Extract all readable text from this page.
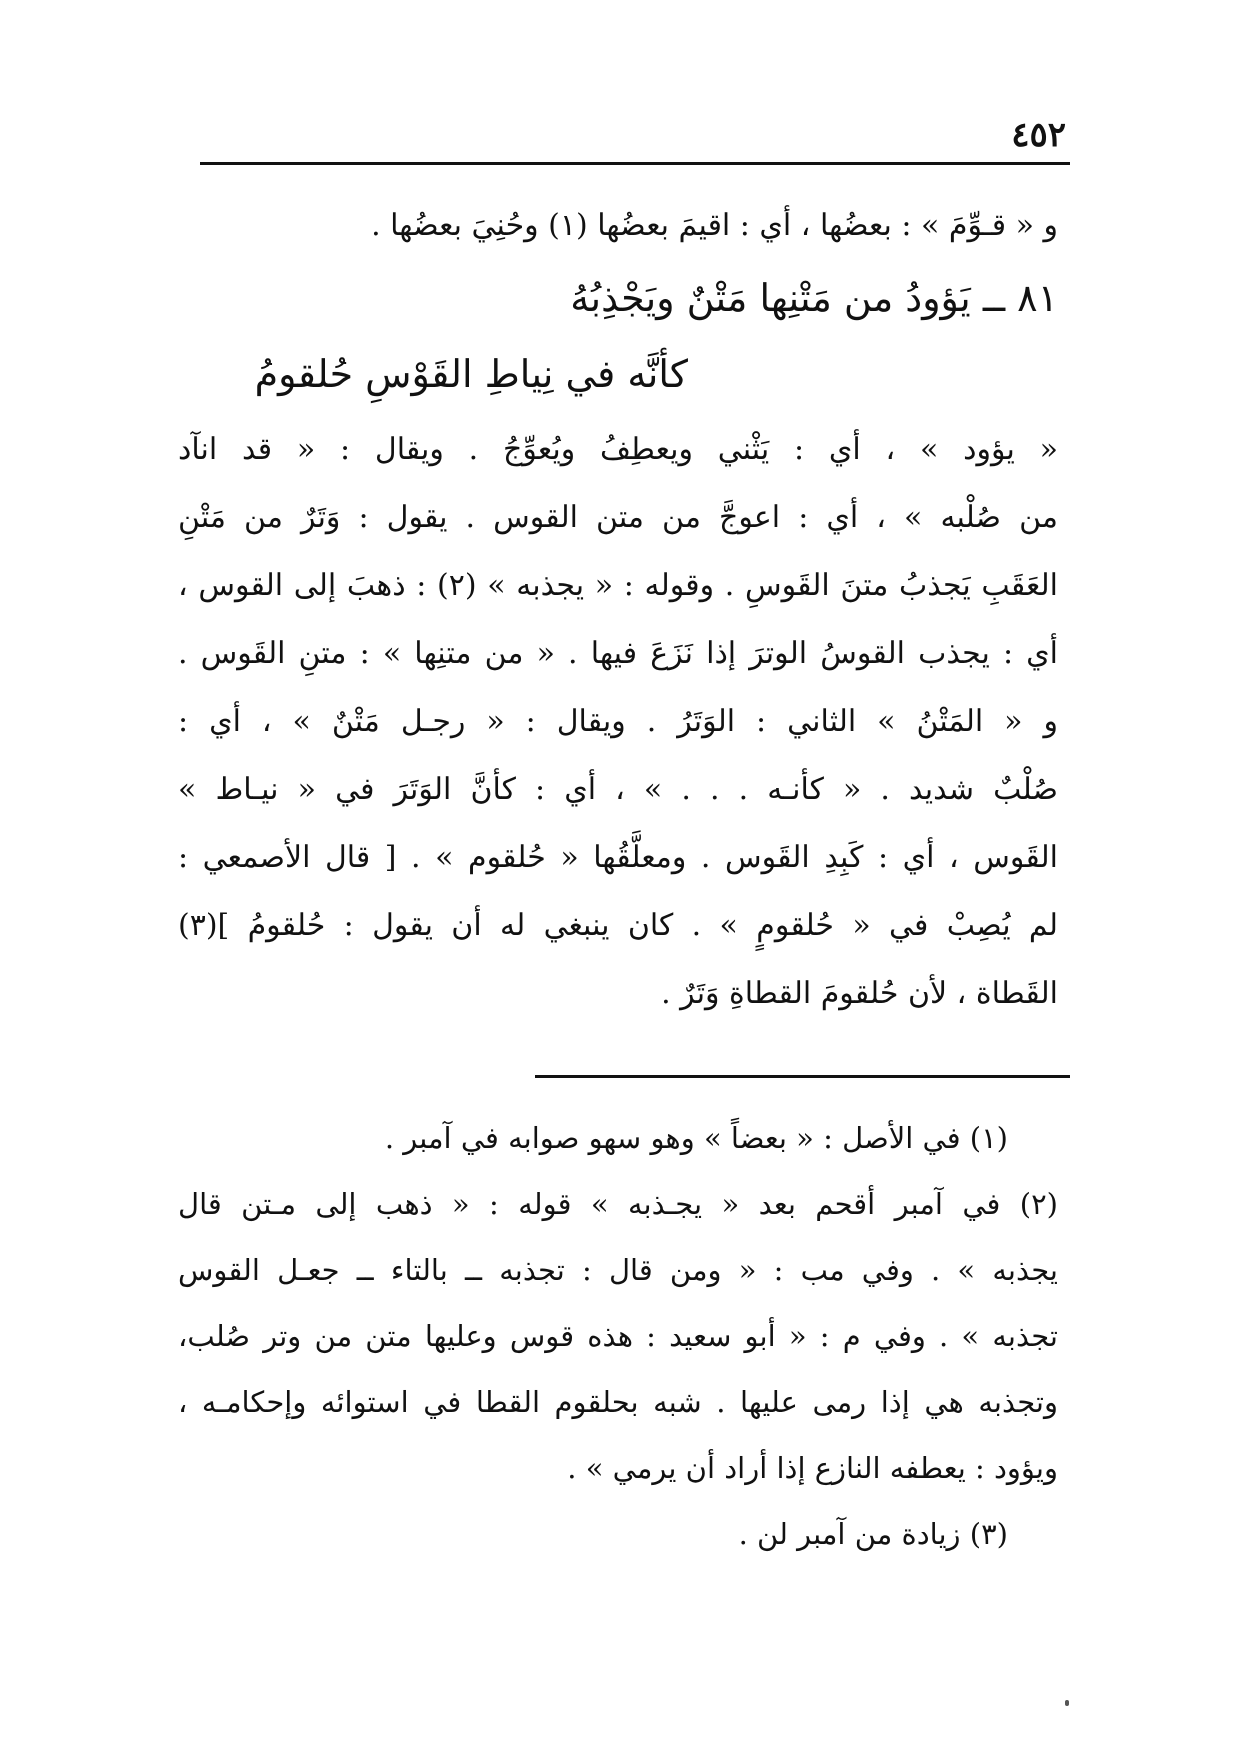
٤٥٢
و « قـوِّمَ » : بعضُها ، أي : اقيمَ بعضُها (١) وحُنِيَ بعضُها .
٨١ ــ يَؤودُ من مَتْنِها مَتْنٌ ويَجْذِبُهُ
كأنَّه في نِياطِ القَوْسِ حُلقومُ
« يؤود » ، أي : يَثْني ويعطِفُ ويُعوِّجُ . ويقال : « قد انآد
من صُلْبه » ، أي : اعوجَّ من متن القوس . يقول : وَتَرٌ من مَتْنِ
العَقَبِ يَجذبُ متنَ القَوسِ . وقوله : « يجذبه » (٢) : ذهبَ إلى القوس ،
أي : يجذب القوسُ الوترَ إذا نَزَعَ فيها . « من متنِها » : متنِ القَوس .
و « المَتْنُ » الثاني : الوَتَرُ . ويقال : « رجـل مَتْنٌ » ، أي :
صُلْبٌ شديد . « كأنـه . . . » ، أي : كأنَّ الوَتَرَ في « نيـاط »
القَوس ، أي : كَبِدِ القَوس . ومعلَّقُها « حُلقوم » . [ قال الأصمعي :
لم يُصِبْ في « حُلقومٍ » . كان ينبغي له أن يقول : حُلقومُ ](٣)
القَطاة ، لأن حُلقومَ القطاةِ وَتَرٌ .
(١) في الأصل : « بعضاً » وهو سهو صوابه في آمبر .
(٢) في آمبر أقحم بعد « يجـذبه » قوله : « ذهب إلى مـتن قال
يجذبه » . وفي مب : « ومن قال : تجذبه ــ بالتاء ــ جعـل القوس
تجذبه » . وفي م : « أبو سعيد : هذه قوس وعليها متن من وتر صُلب،
وتجذبه هي إذا رمى عليها . شبه بحلقوم القطا في استوائه وإحكامـه ،
ويؤود : يعطفه النازع إذا أراد أن يرمي » .
(٣) زيادة من آمبر لن .
